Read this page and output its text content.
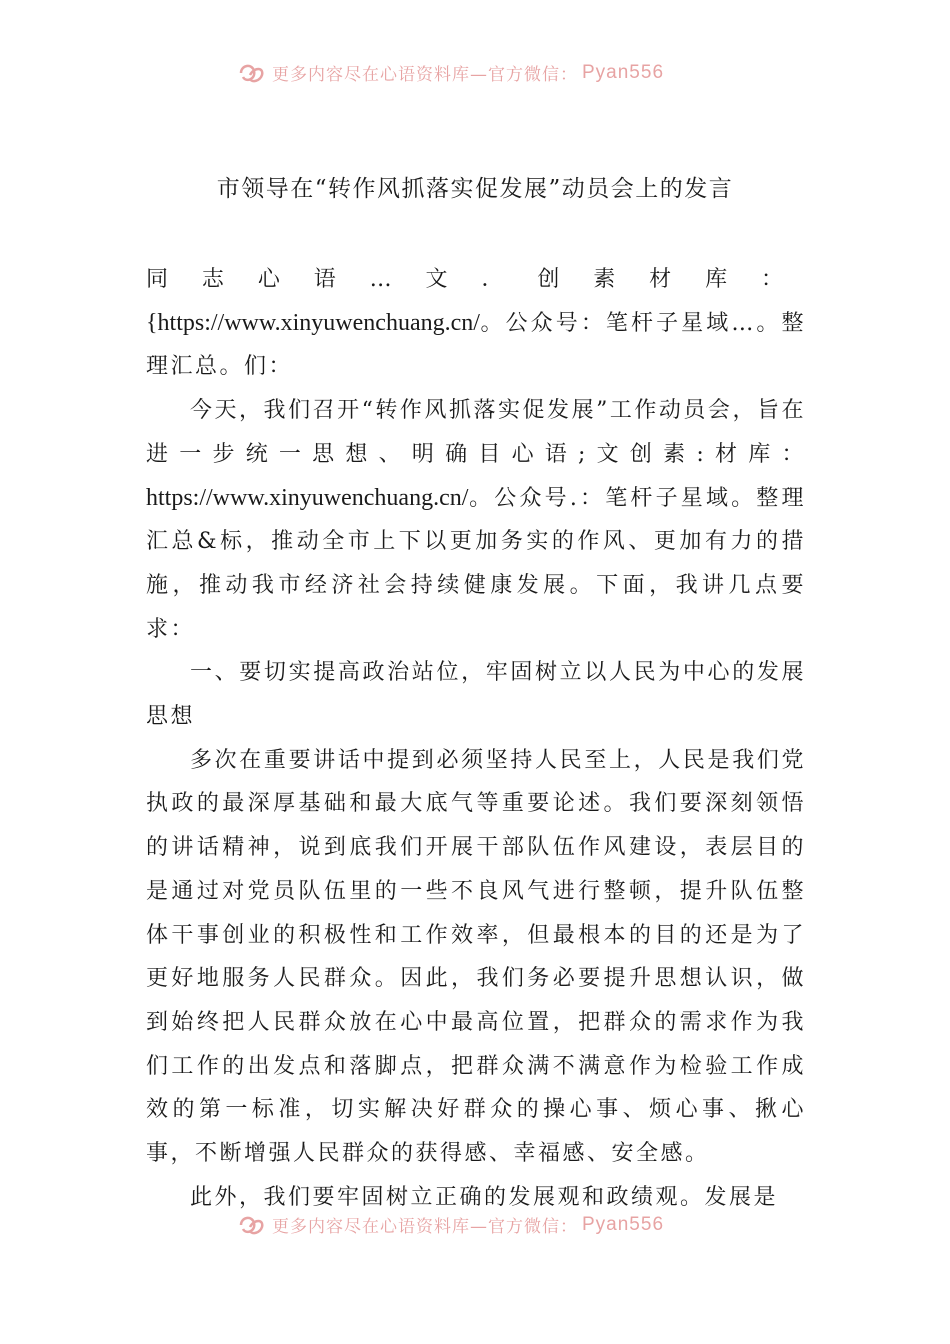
更多内容尽在心语资料库—官方微信： Pyan556
市领导在“转作风抓落实促发展”动员会上的发言

同志心语…文．创素材库：{https://www.xinyuwenchuang.cn/。公众号：笔杆子星域…。整理汇总。们：

今天，我们召开“转作风抓落实促发展”工作动员会，旨在进一步统一思想、明确目心语;文创素:材库：https://www.xinyuwenchuang.cn/。公众号.：笔杆子星域。整理汇总&标，推动全市上下以更加务实的作风、更加有力的措施，推动我市经济社会持续健康发展。下面，我讲几点要求：

一、要切实提高政治站位，牢固树立以人民为中心的发展思想

多次在重要讲话中提到必须坚持人民至上，人民是我们党执政的最深厚基础和最大底气等重要论述。我们要深刻领悟的讲话精神，说到底我们开展干部队伍作风建设，表层目的是通过对党员队伍里的一些不良风气进行整顿，提升队伍整体干事创业的积极性和工作效率，但最根本的目的还是为了更好地服务人民群众。因此，我们务必要提升思想认识，做到始终把人民群众放在心中最高位置，把群众的需求作为我们工作的出发点和落脚点，把群众满不满意作为检验工作成效的第一标准，切实解决好群众的操心事、烦心事、揪心事，不断增强人民群众的获得感、幸福感、安全感。

此外，我们要牢固树立正确的发展观和政绩观。发展是

更多内容尽在心语资料库—官方微信： Pyan556
